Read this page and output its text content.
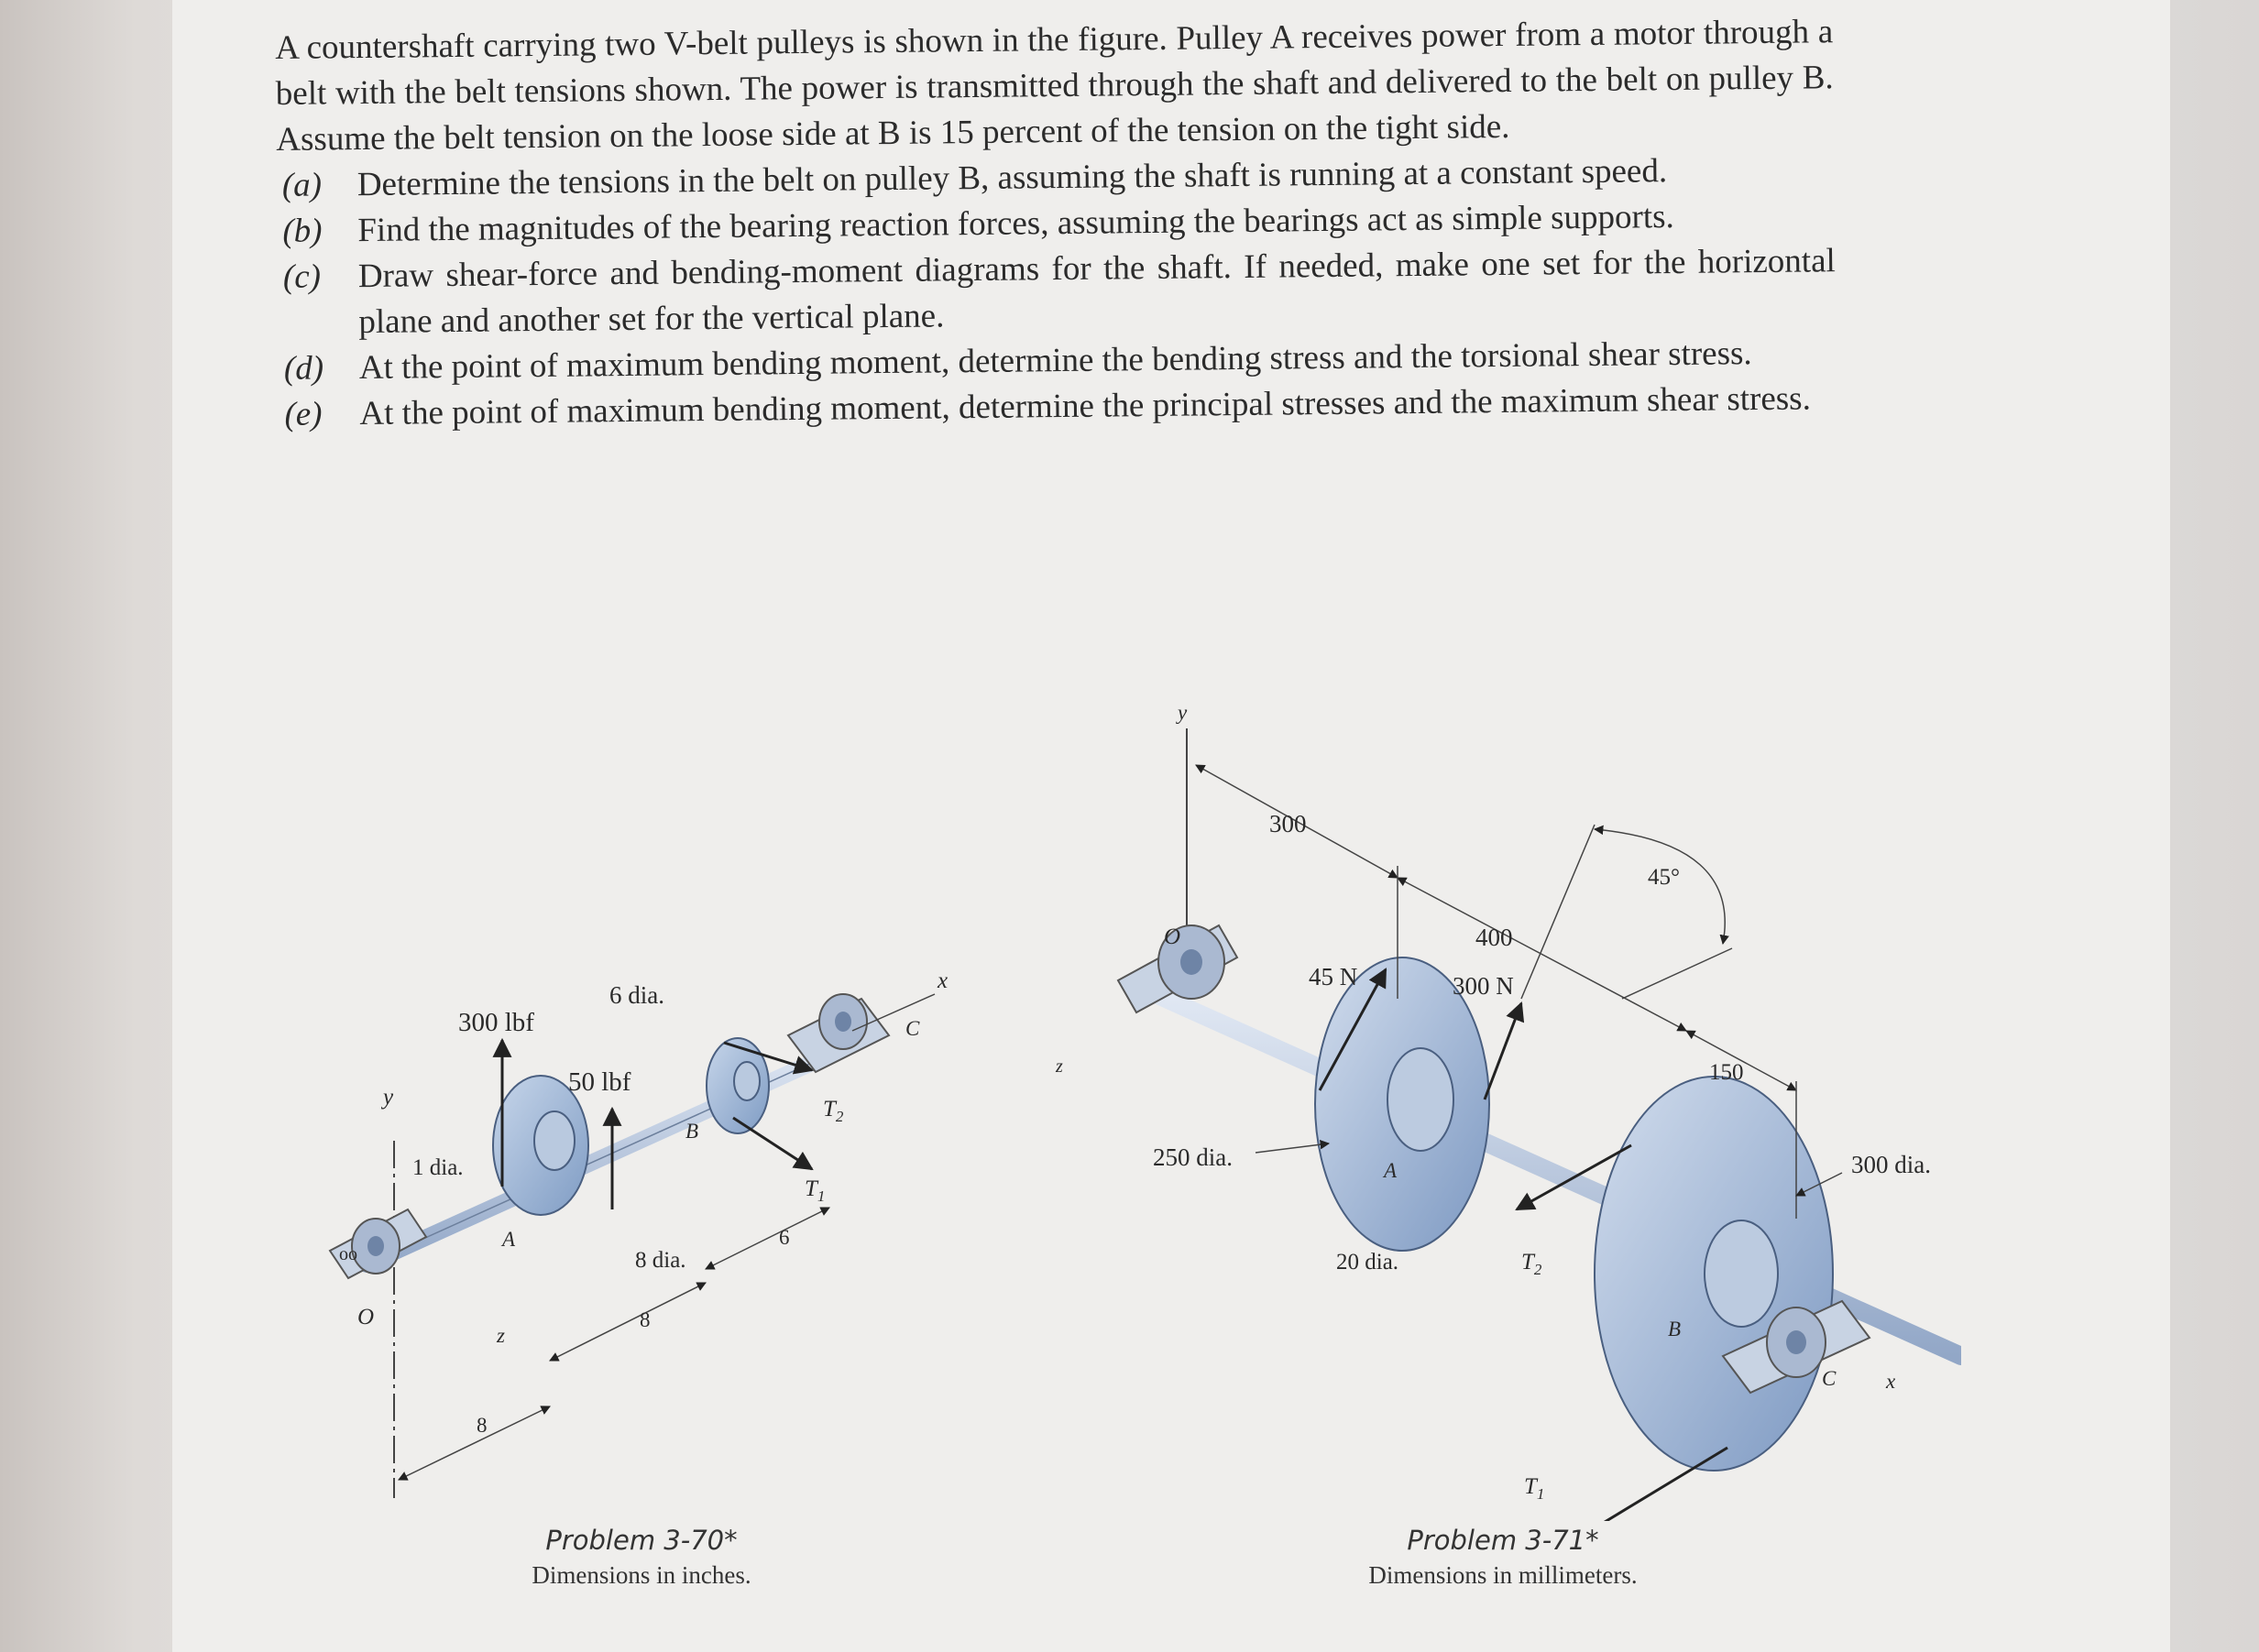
A countershaft carrying two V-belt pulleys is shown in the figure. Pulley A receives power from a motor through a belt with the belt tensions shown. The power is transmitted through the shaft and delivered to the belt on pulley B. Assume the belt tension on the loose side at B is 15 percent of the tension on the tight side.

(a)	Determine the tensions in the belt on pulley B, assuming the shaft is running at a constant speed.
(b)	Find the magnitudes of the bearing reaction forces, assuming the bearings act as simple supports.
(c)	Draw shear-force and bending-moment diagrams for the shaft. If needed, make one set for the horizontal plane and another set for the vertical plane.
(d)	At the point of maximum bending moment, determine the bending stress and the torsional shear stress.
(e)	At the point of maximum bending moment, determine the principal stresses and the maximum shear stress.
oo
300 lbf
50 lbf
6 dia.
1 dia.
8 dia.
y
x
z
O
A
B
C
$T_2$
$T_1$
8
8
6
Problem 3-70*
Dimensions in inches.
y
z
x
300
400
150
45°
45 N	300 N
250 dia.
20 dia.
300 dia.
O
A
B
C
$T_2$
$T_1$
Problem 3-71*
Dimensions in millimeters.
